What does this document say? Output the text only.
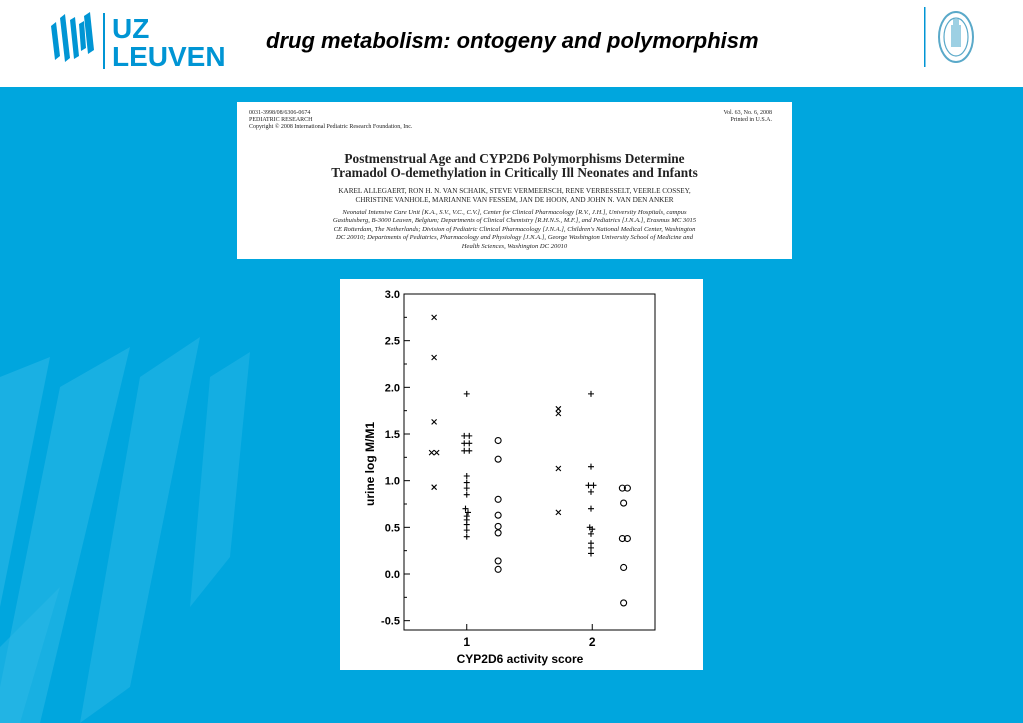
UZ
LEUVEN
drug metabolism: ontogeny and polymorphism
0031-3998/08/6306-0674
PEDIATRIC RESEARCH
Copyright © 2008 International Pediatric Research Foundation, Inc.
Vol. 63, No. 6, 2008
Printed in U.S.A.
Postmenstrual Age and CYP2D6 Polymorphisms Determine
Tramadol O-demethylation in Critically Ill Neonates and Infants
KAREL ALLEGAERT, RON H. N. VAN SCHAIK, STEVE VERMEERSCH, RENE VERBESSELT, VEERLE COSSEY,
CHRISTINE VANHOLE, MARIANNE VAN FESSEM, JAN DE HOON, AND JOHN N. VAN DEN ANKER
Neonatal Intensive Care Unit [K.A., S.V., V.C., C.V.], Center for Clinical Pharmacology [R.V., J.H.], University Hospitals, campus
Gasthuisberg, B-3000 Leuven, Belgium; Departments of Clinical Chemistry [R.H.N.S., M.F.], and Pediatrics [J.N.A.], Erasmus MC 3015
CE Rotterdam, The Netherlands; Division of Pediatric Clinical Pharmacology [J.N.A.], Children's National Medical Center, Washington
DC 20010; Departments of Pediatrics, Pharmacology and Physiology [J.N.A.], George Washington University School of Medicine and
Health Sciences, Washington DC 20010
3.0
2.5
2.0
1.5
1.0
0.5
0.0
-0.5
1	2
CYP2D6 activity score
urine log M/M1
